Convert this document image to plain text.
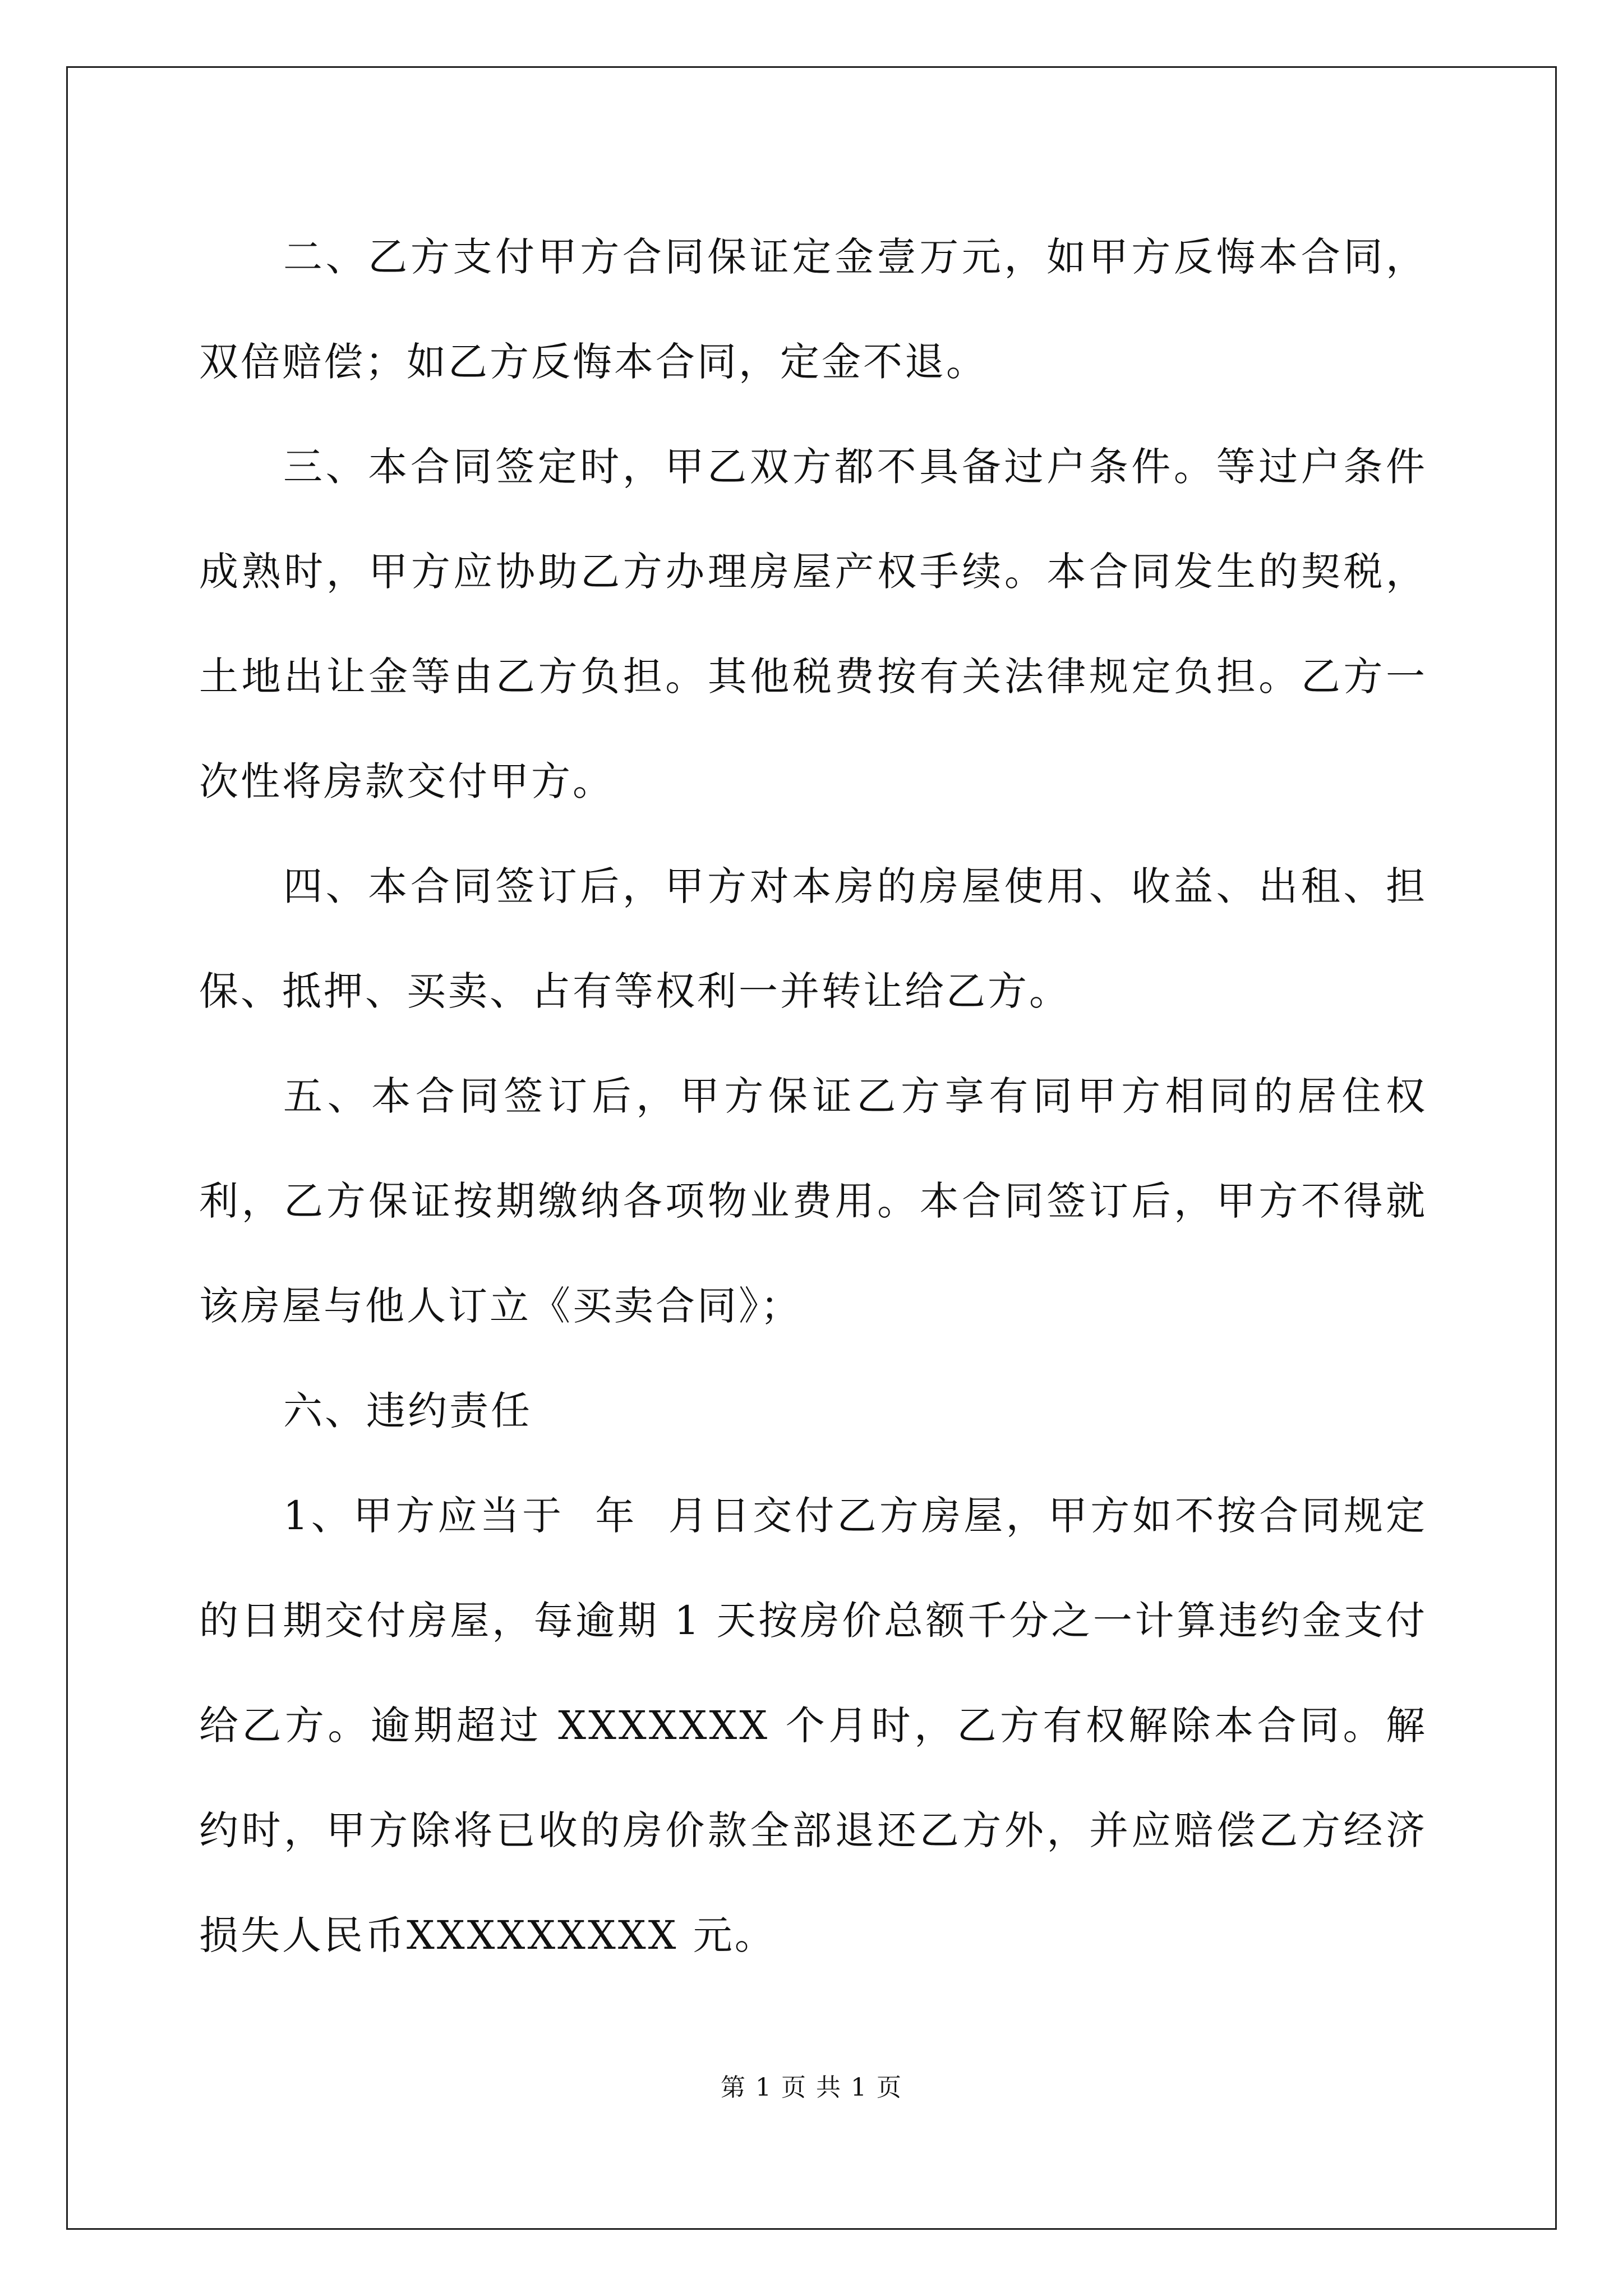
二、乙方支付甲方合同保证定金壹万元，如甲方反悔本合同，双倍赔偿；如乙方反悔本合同，定金不退。

三、本合同签定时，甲乙双方都不具备过户条件。等过户条件成熟时，甲方应协助乙方办理房屋产权手续。本合同发生的契税，土地出让金等由乙方负担。其他税费按有关法律规定负担。乙方一次性将房款交付甲方。

四、本合同签订后，甲方对本房的房屋使用、收益、出租、担保、抵押、买卖、占有等权利一并转让给乙方。

五、本合同签订后，甲方保证乙方享有同甲方相同的居住权利，乙方保证按期缴纳各项物业费用。本合同签订后，甲方不得就该房屋与他人订立《买卖合同》；

六、违约责任

1、甲方应当于  年  月日交付乙方房屋，甲方如不按合同规定的日期交付房屋，每逾期 1 天按房价总额千分之一计算违约金支付给乙方。逾期超过 XXXXXXX 个月时，乙方有权解除本合同。解约时，甲方除将已收的房价款全部退还乙方外，并应赔偿乙方经济损失人民币XXXXXXXXX 元。

第 1 页 共 1 页
